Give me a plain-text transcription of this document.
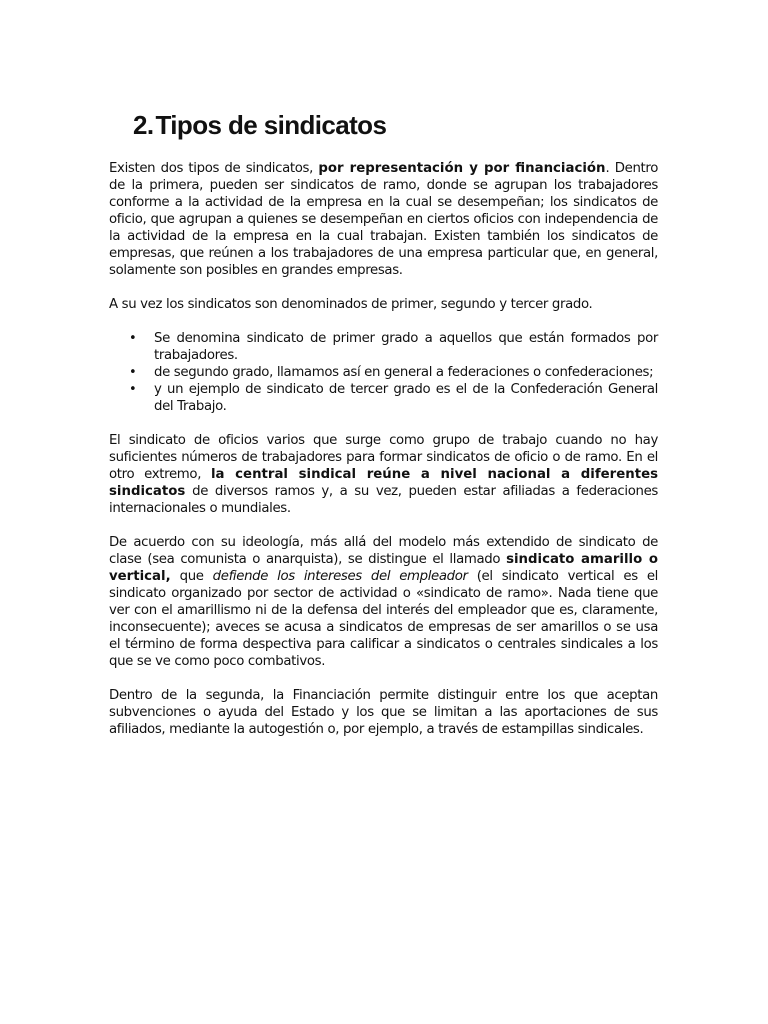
2.Tipos de sindicatos

Existen dos tipos de sindicatos, por representación y por financiación. Dentro de la primera, pueden ser sindicatos de ramo, donde se agrupan los trabajadores conforme a la actividad de la empresa en la cual se desempeñan; los sindicatos de oficio, que agrupan a quienes se desempeñan en ciertos oficios con independencia de la actividad de la empresa en la cual trabajan. Existen también los sindicatos de empresas, que reúnen a los trabajadores de una empresa particular que, en general, solamente son posibles en grandes empresas.

A su vez los sindicatos son denominados de primer, segundo y tercer grado.

• Se denomina sindicato de primer grado a aquellos que están formados por trabajadores.
• de segundo grado, llamamos así en general a federaciones o confederaciones;
• y un ejemplo de sindicato de tercer grado es el de la Confederación General del Trabajo.

El sindicato de oficios varios que surge como grupo de trabajo cuando no hay suficientes números de trabajadores para formar sindicatos de oficio o de ramo. En el otro extremo, la central sindical reúne a nivel nacional a diferentes sindicatos de diversos ramos y, a su vez, pueden estar afiliadas a federaciones internacionales o mundiales.

De acuerdo con su ideología, más allá del modelo más extendido de sindicato de clase (sea comunista o anarquista), se distingue el llamado sindicato amarillo o vertical, que defiende los intereses del empleador (el sindicato vertical es el sindicato organizado por sector de actividad o «sindicato de ramo». Nada tiene que ver con el amarillismo ni de la defensa del interés del empleador que es, claramente, inconsecuente); aveces se acusa a sindicatos de empresas de ser amarillos o se usa el término de forma despectiva para calificar a sindicatos o centrales sindicales a los que se ve como poco combativos.

Dentro de la segunda, la Financiación permite distinguir entre los que aceptan subvenciones o ayuda del Estado y los que se limitan a las aportaciones de sus afiliados, mediante la autogestión o, por ejemplo, a través de estampillas sindicales.
